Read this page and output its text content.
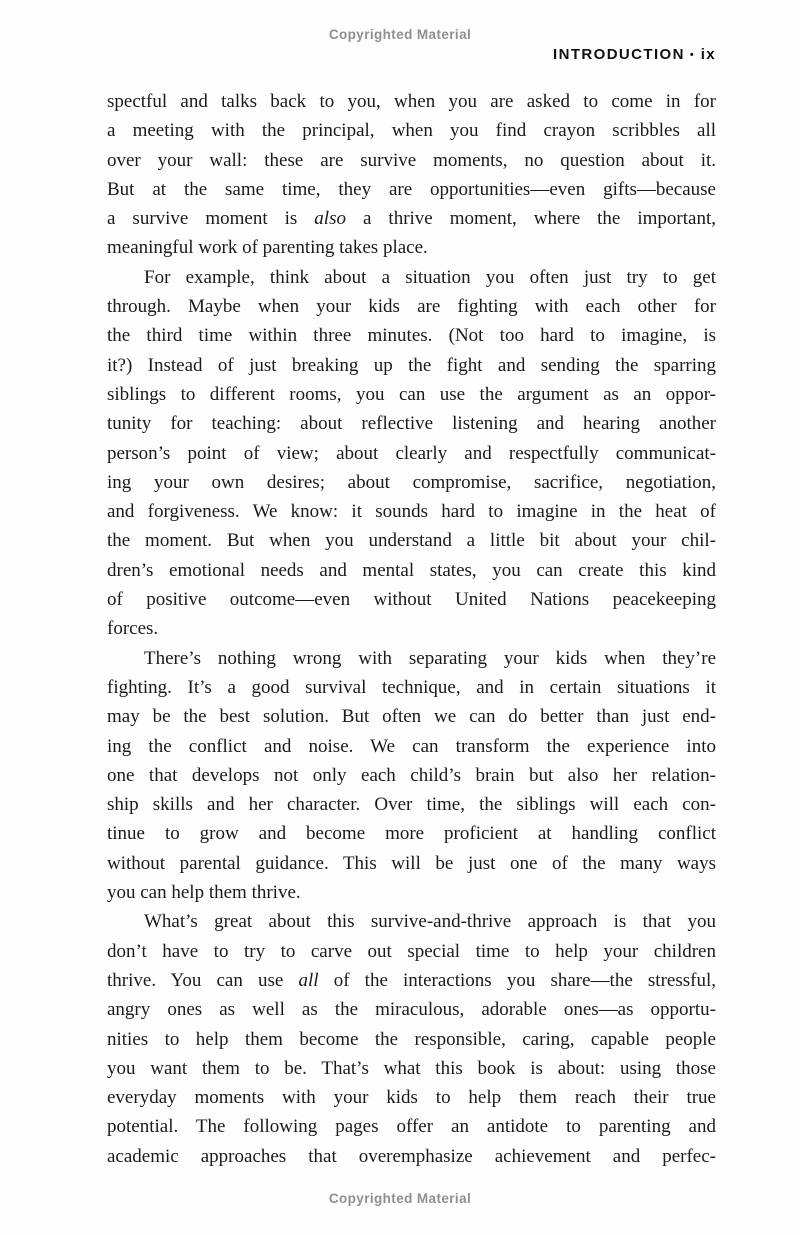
Copyrighted Material
INTRODUCTION • ix
spectful and talks back to you, when you are asked to come in for
a meeting with the principal, when you find crayon scribbles all
over your wall: these are survive moments, no question about it.
But at the same time, they are opportunities—even gifts—because
a survive moment is also a thrive moment, where the important,
meaningful work of parenting takes place.
For example, think about a situation you often just try to get
through. Maybe when your kids are fighting with each other for
the third time within three minutes. (Not too hard to imagine, is
it?) Instead of just breaking up the fight and sending the sparring
siblings to different rooms, you can use the argument as an oppor-
tunity for teaching: about reflective listening and hearing another
person’s point of view; about clearly and respectfully communicat-
ing your own desires; about compromise, sacrifice, negotiation,
and forgiveness. We know: it sounds hard to imagine in the heat of
the moment. But when you understand a little bit about your chil-
dren’s emotional needs and mental states, you can create this kind
of positive outcome—even without United Nations peacekeeping
forces.
There’s nothing wrong with separating your kids when they’re
fighting. It’s a good survival technique, and in certain situations it
may be the best solution. But often we can do better than just end-
ing the conflict and noise. We can transform the experience into
one that develops not only each child’s brain but also her relation-
ship skills and her character. Over time, the siblings will each con-
tinue to grow and become more proficient at handling conflict
without parental guidance. This will be just one of the many ways
you can help them thrive.
What’s great about this survive-and-thrive approach is that you
don’t have to try to carve out special time to help your children
thrive. You can use all of the interactions you share—the stressful,
angry ones as well as the miraculous, adorable ones—as opportu-
nities to help them become the responsible, caring, capable people
you want them to be. That’s what this book is about: using those
everyday moments with your kids to help them reach their true
potential. The following pages offer an antidote to parenting and
academic approaches that overemphasize achievement and perfec-
Copyrighted Material
